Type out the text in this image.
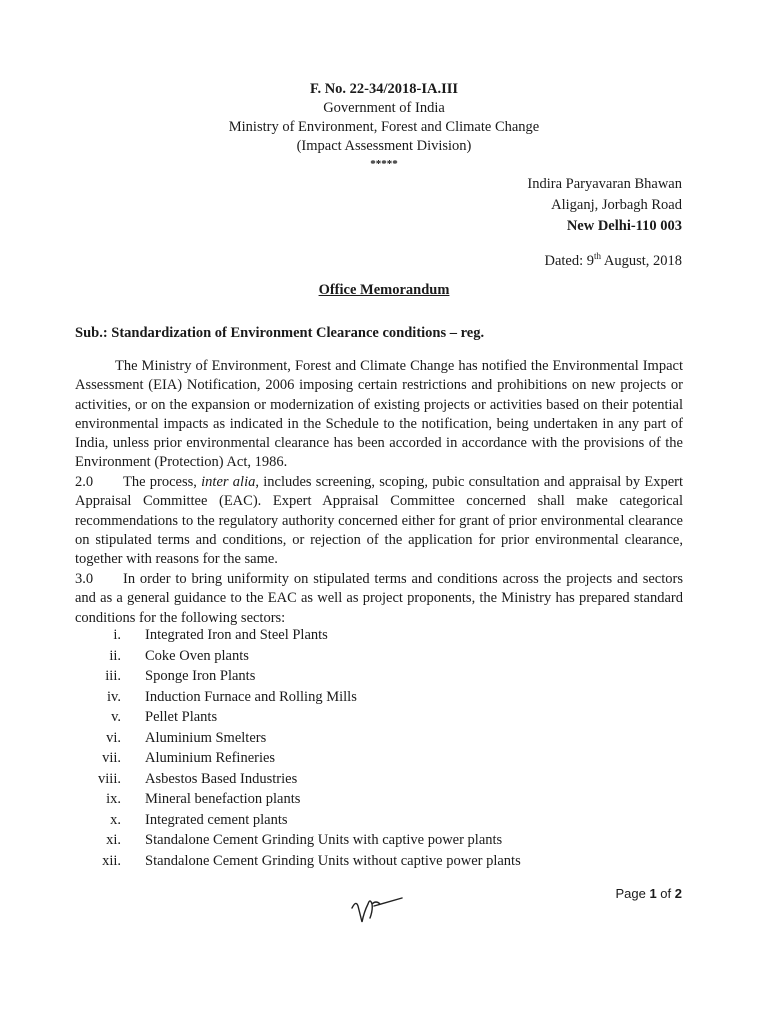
F. No. 22-34/2018-IA.III
Government of India
Ministry of Environment, Forest and Climate Change
(Impact Assessment Division)
*****
Indira Paryavaran Bhawan
Aliganj, Jorbagh Road
New Delhi-110 003
Dated: 9th August, 2018
Office Memorandum
Sub.: Standardization of Environment Clearance conditions – reg.

The Ministry of Environment, Forest and Climate Change has notified the Environmental Impact Assessment (EIA) Notification, 2006 imposing certain restrictions and prohibitions on new projects or activities, or on the expansion or modernization of existing projects or activities based on their potential environmental impacts as indicated in the Schedule to the notification, being undertaken in any part of India, unless prior environmental clearance has been accorded in accordance with the provisions of the Environment (Protection) Act, 1986.

2.0 The process, inter alia, includes screening, scoping, pubic consultation and appraisal by Expert Appraisal Committee (EAC). Expert Appraisal Committee concerned shall make categorical recommendations to the regulatory authority concerned either for grant of prior environmental clearance on stipulated terms and conditions, or rejection of the application for prior environmental clearance, together with reasons for the same.

3.0 In order to bring uniformity on stipulated terms and conditions across the projects and sectors and as a general guidance to the EAC as well as project proponents, the Ministry has prepared standard conditions for the following sectors:

i. Integrated Iron and Steel Plants
ii. Coke Oven plants
iii. Sponge Iron Plants
iv. Induction Furnace and Rolling Mills
v. Pellet Plants
vi. Aluminium Smelters
vii. Aluminium Refineries
viii. Asbestos Based Industries
ix. Mineral benefaction plants
x. Integrated cement plants
xi. Standalone Cement Grinding Units with captive power plants
xii. Standalone Cement Grinding Units without captive power plants
Page 1 of 2
